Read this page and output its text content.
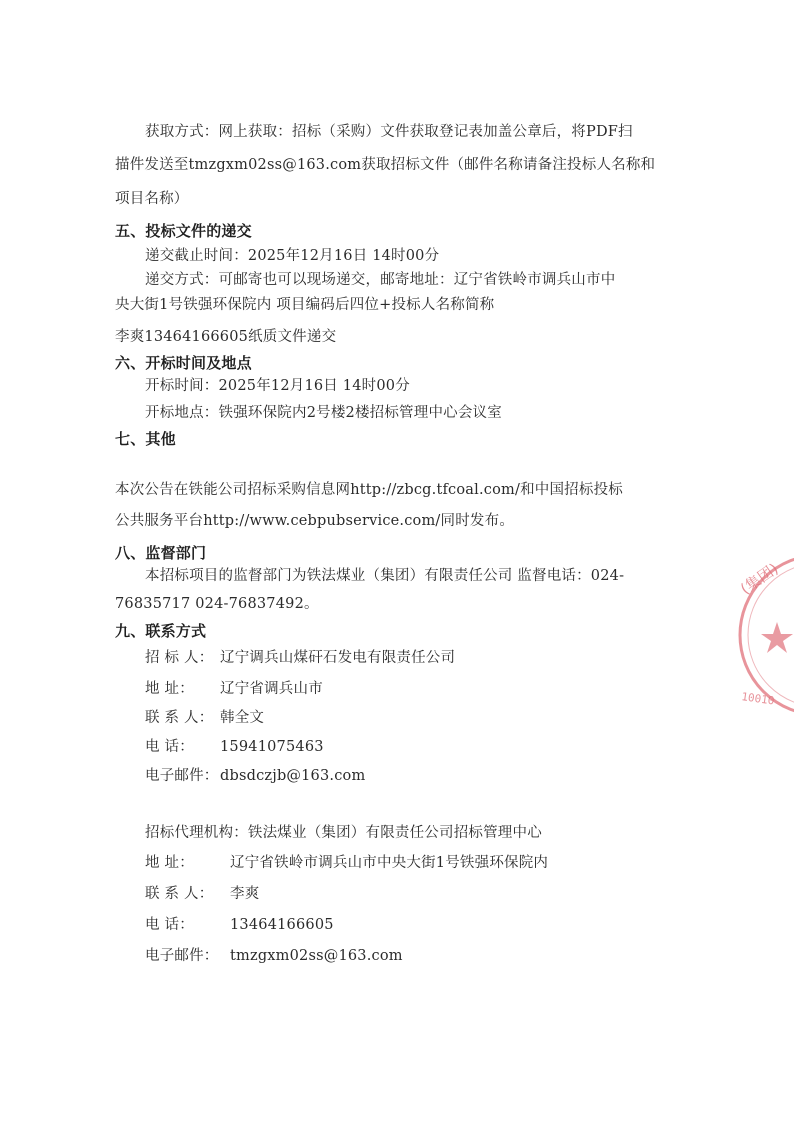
获取方式：网上获取：招标（采购）文件获取登记表加盖公章后，将PDF扫
描件发送至tmzgxm02ss@163.com获取招标文件（邮件名称请备注投标人名称和
项目名称）
五、投标文件的递交
递交截止时间：2025年12月16日 14时00分
递交方式：可邮寄也可以现场递交，邮寄地址：辽宁省铁岭市调兵山市中
央大街1号铁强环保院内 项目编码后四位+投标人名称简称
李爽13464166605纸质文件递交
六、开标时间及地点
开标时间：2025年12月16日 14时00分
开标地点：铁强环保院内2号楼2楼招标管理中心会议室
七、其他
本次公告在铁能公司招标采购信息网http://zbcg.tfcoal.com/和中国招标投标
公共服务平台http://www.cebpubservice.com/同时发布。
八、监督部门
本招标项目的监督部门为铁法煤业（集团）有限责任公司 监督电话：024-
76835717 024-76837492。
九、联系方式
招 标 人： 辽宁调兵山煤矸石发电有限责任公司
地 址： 辽宁省调兵山市
联 系 人： 韩全文
电 话： 15941075463
电子邮件： dbsdczjb@163.com
招标代理机构：铁法煤业（集团）有限责任公司招标管理中心
地 址： 辽宁省铁岭市调兵山市中央大街1号铁强环保院内
联 系 人： 李爽
电 话： 13464166605
电子邮件： tmzgxm02ss@163.com
(集团)
10010
